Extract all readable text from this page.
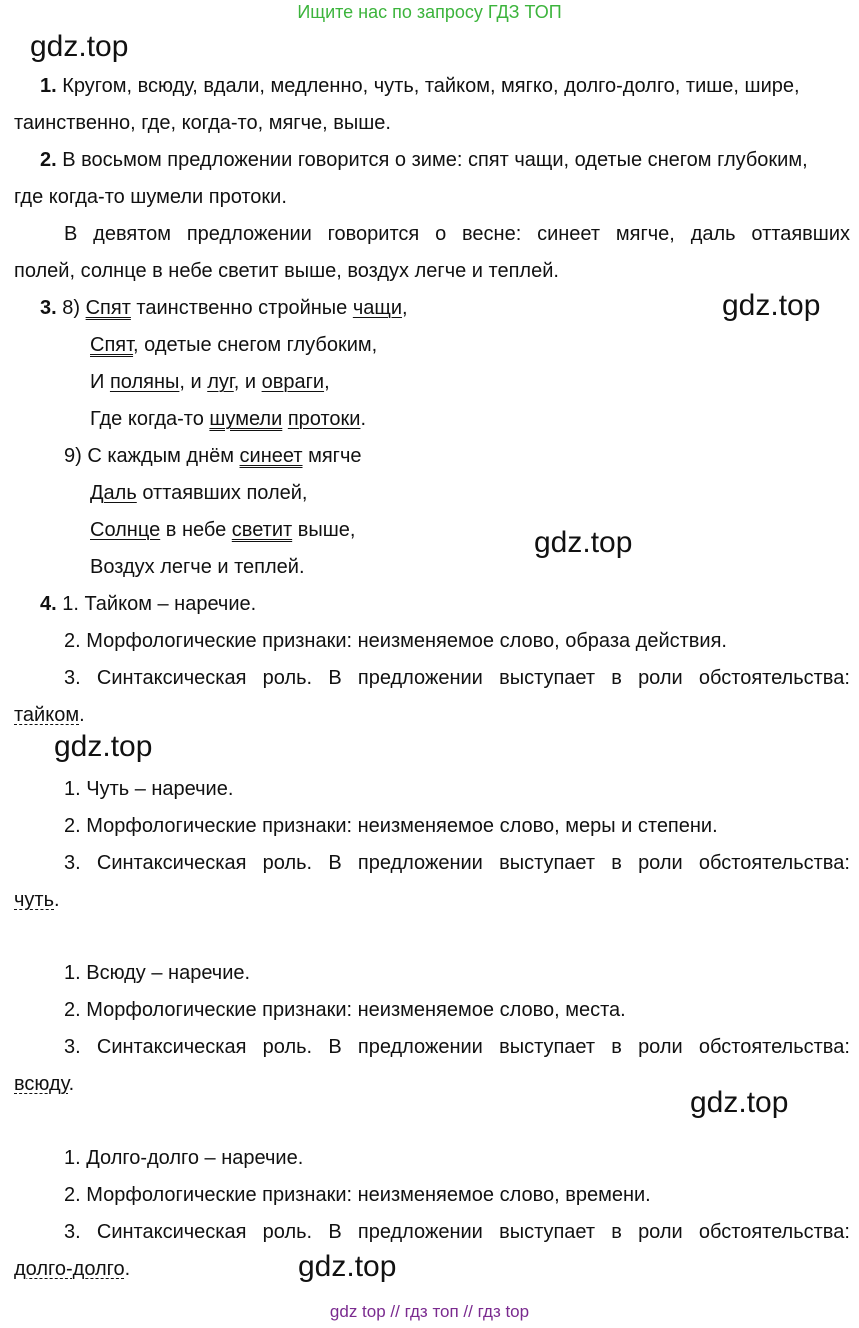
Ищите нас по запросу ГДЗ ТОП
gdz.top
gdz.top
gdz.top
gdz.top
gdz.top
gdz.top
1. Кругом, всюду, вдали, медленно, чуть, тайком, мягко, долго-долго, тише, шире,
таинственно, где, когда-то, мягче, выше.
2. В восьмом предложении говорится о зиме: спят чащи, одетые снегом глубоким,
где когда-то шумели протоки.
В девятом предложении говорится о весне: синеет мягче, даль оттаявших
полей, солнце в небе светит выше, воздух легче и теплей.
3. 8) Спят таинственно стройные чащи,
Спят, одетые снегом глубоким,
И поляны, и луг, и овраги,
Где когда-то шумели протоки.
9) С каждым днём синеет мягче
Даль оттаявших полей,
Солнце в небе светит выше,
Воздух легче и теплей.
4. 1. Тайком – наречие.
2. Морфологические признаки: неизменяемое слово, образа действия.
3. Синтаксическая роль. В предложении выступает в роли обстоятельства:
тайком.
1. Чуть – наречие.
2. Морфологические признаки: неизменяемое слово, меры и степени.
3. Синтаксическая роль. В предложении выступает в роли обстоятельства:
чуть.
1. Всюду – наречие.
2. Морфологические признаки: неизменяемое слово, места.
3. Синтаксическая роль. В предложении выступает в роли обстоятельства:
всюду.
1. Долго-долго – наречие.
2. Морфологические признаки: неизменяемое слово, времени.
3. Синтаксическая роль. В предложении выступает в роли обстоятельства:
долго-долго.
gdz top // гдз топ // гдз top
